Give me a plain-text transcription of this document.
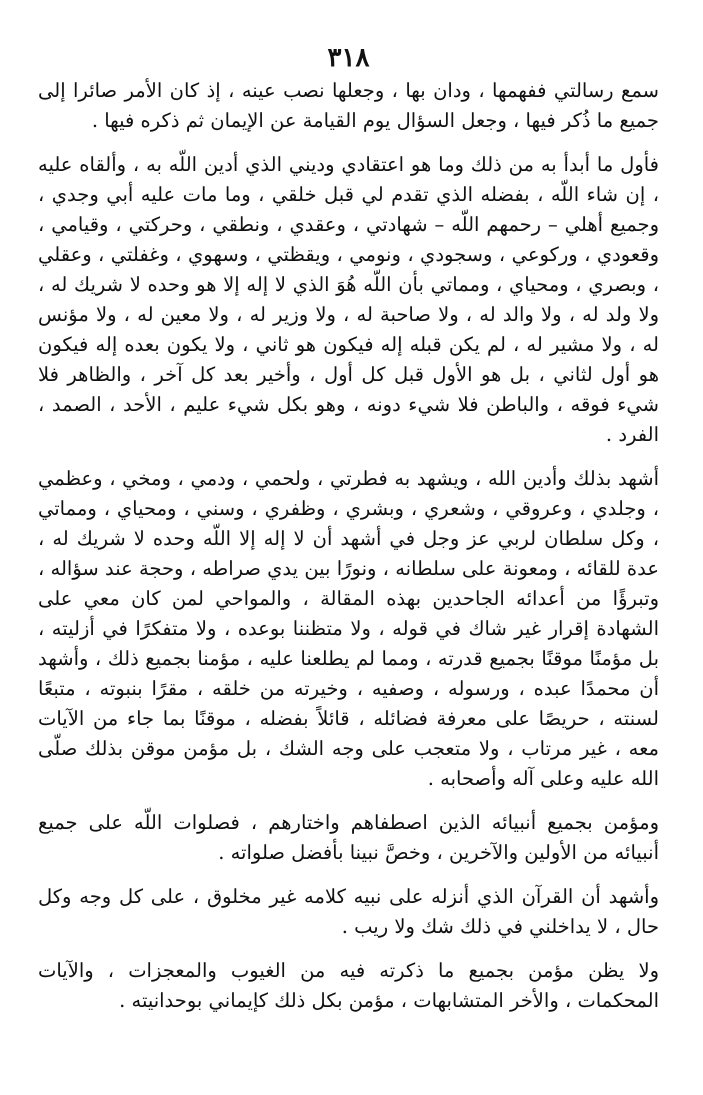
٣١٨

سمع رسالتي ففهمها ، ودان بها ، وجعلها نصب عينه ، إذ كان الأمر صائرا إلى جميع ما ذُكر فيها ، وجعل السؤال يوم القيامة عن الإيمان ثم ذكره فيها .

فأول ما أبدأ به من ذلك وما هو اعتقادي وديني الذي أدين اللّه به ، وألقاه عليه ، إن شاء اللّه ، بفضله الذي تقدم لي قبل خلقي ، وما مات عليه أبي وجدي ، وجميع أهلي – رحمهم اللّه – شهادتي ، وعقدي ، ونطقي ، وحركتي ، وقيامي ، وقعودي ، وركوعي ، وسجودي ، ونومي ، ويقظتي ، وسهوي ، وغفلتي ، وعقلي ، وبصري ، ومحياي ، ومماتي بأن اللّه هُوَ الذي لا إله إلا هو وحده لا شريك له ، ولا ولد له ، ولا والد له ، ولا صاحبة له ، ولا وزير له ، ولا معين له ، ولا مؤنس له ، ولا مشير له ، لم يكن قبله إله فيكون هو ثاني ، ولا يكون بعده إله فيكون هو أول لثاني ، بل هو الأول قبل كل أول ، وأخير بعد كل آخر ، والظاهر فلا شيء فوقه ، والباطن فلا شيء دونه ، وهو بكل شيء عليم ، الأحد ، الصمد ، الفرد .

أشهد بذلك وأدين الله ، ويشهد به فطرتي ، ولحمي ، ودمي ، ومخي ، وعظمي ، وجلدي ، وعروقي ، وشعري ، وبشري ، وظفري ، وسني ، ومحياي ، ومماتي ، وكل سلطان لربي عز وجل في أشهد أن لا إله إلا اللّه وحده لا شريك له ، عدة للقائه ، ومعونة على سلطانه ، ونورًا بين يدي صراطه ، وحجة عند سؤاله ، وتبرؤًا من أعدائه الجاحدين بهذه المقالة ، والمواحي لمن كان معي على الشهادة إقرار غير شاك في قوله ، ولا متظننا بوعده ، ولا متفكرًا في أزليته ، بل مؤمنًا موقنًا بجميع قدرته ، ومما لم يطلعنا عليه ، مؤمنا بجميع ذلك ، وأشهد أن محمدًا عبده ، ورسوله ، وصفيه ، وخيرته من خلقه ، مقرًا بنبوته ، متبعًا لسنته ، حريصًا على معرفة فضائله ، قائلاً بفضله ، موقنًا بما جاء من الآيات معه ، غير مرتاب ، ولا متعجب على وجه الشك ، بل مؤمن موقن بذلك صلّى الله عليه وعلى آله وأصحابه .

ومؤمن بجميع أنبيائه الذين اصطفاهم واختارهم ، فصلوات اللّه على جميع أنبيائه من الأولين والآخرين ، وخصَّ نبينا بأفضل صلواته .

وأشهد أن القرآن الذي أنزله على نبيه كلامه غير مخلوق ، على كل وجه وكل حال ، لا يداخلني في ذلك شك ولا ريب .

ولا يظن مؤمن بجميع ما ذكرته فيه من الغيوب والمعجزات ، والآيات المحكمات ، والأخر المتشابهات ، مؤمن بكل ذلك كإيماني بوحدانيته .
